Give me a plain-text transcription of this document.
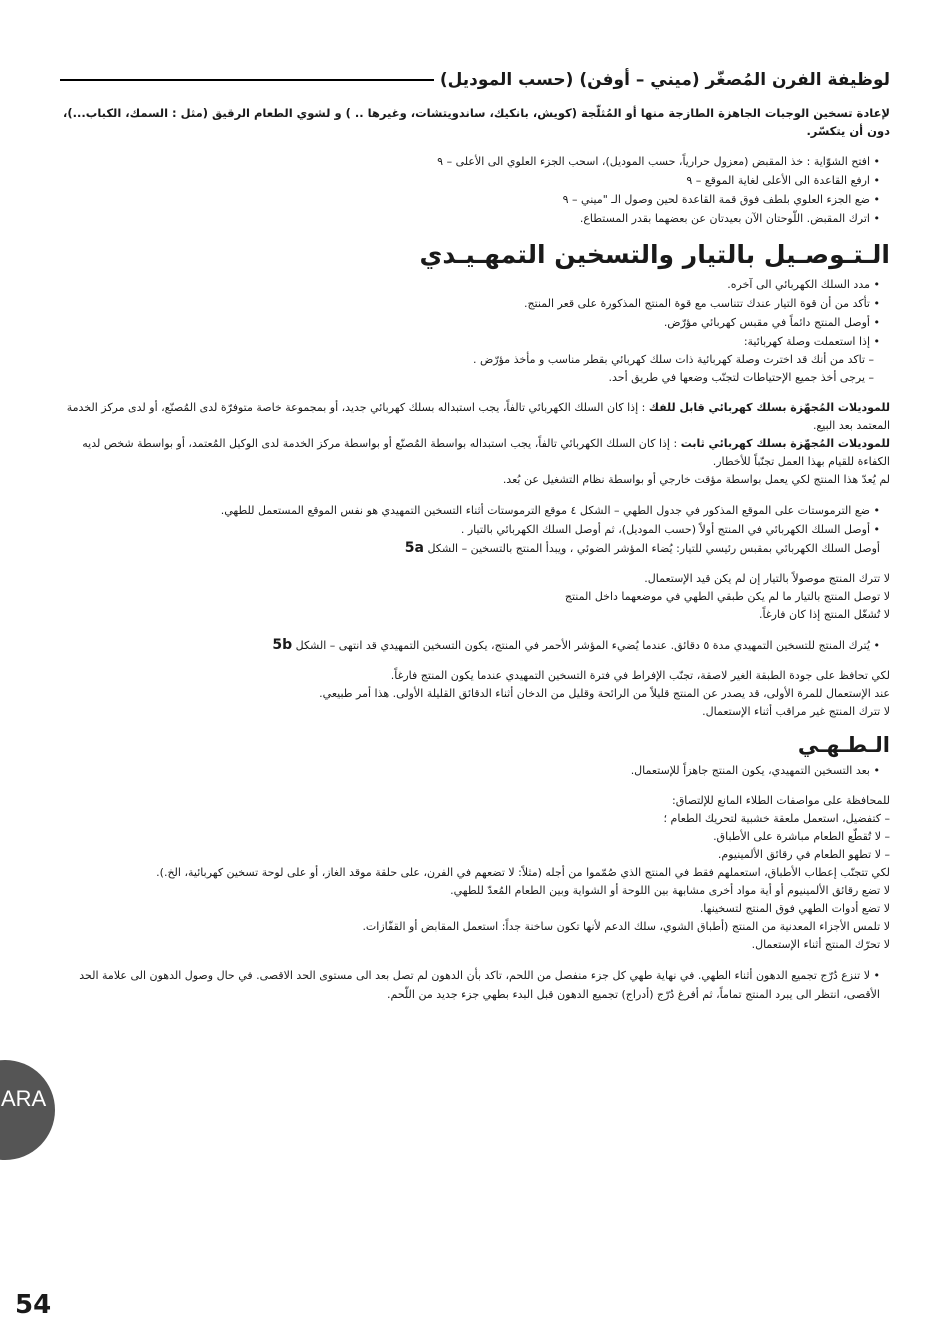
لوظيفة الفرن المُصغّر (ميني – أوفن) (حسب الموديل)

لإعادة تسخين الوجبات الجاهزة الطازجة منها أو المُثلّجة (كويش، بانكيك، ساندويتشات، وغيرها .. ) و لشوي الطعام الرقيق (مثل : السمك، الكباب...)، دون أن يتكسّر.

• افتح الشوّاية : خذ المقبض (معزول حرارياً، حسب الموديل)، اسحب الجزء العلوي الى الأعلى – ٩
• ارفع القاعدة الى الأعلى لغاية الموقع – ٩
• ضع الجزء العلوي بلطف فوق قمة القاعدة لحين وصول الـ "ميني – ٩
• اترك المقبض. اللّوحتان الآن بعيدتان عن بعضهما بقدر المستطاع.
الـتـوصـيل بالتيار والتسخين التمهـيـدي
• مدد السلك الكهربائي الى آخره.
• تأكد من أن قوة التيار عندك تتناسب مع قوة المنتج المذكورة على قعر المنتج.
• أوصل المنتج دائماً في مقبس كهربائي مؤرّض.
• إذا استعملت وصلة كهربائية:

– تاكد من أنك قد اخترت وصلة كهربائية ذات سلك كهربائي بقطر مناسب و مأخذ مؤرّض .

– يرجى أخذ جميع الإحتياطات لتجنّب وضعها في طريق أحد.

للموديلات المُجهّزة بسلك كهربائي قابل للفك : إذا كان السلك الكهربائي تالفاً، يجب استبداله بسلك كهربائي جديد، أو بمجموعة خاصة متوفرّة لدى المُصنّع، أو لدى مركز الخدمة المعتمد بعد البيع.

للموديلات المُجهّزة بسلك كهربائي ثابت : إذا كان السلك الكهربائي تالفاً، يجب استبداله بواسطة المُصنّع أو بواسطة مركز الخدمة لدى الوكيل المُعتمد، أو بواسطة شخص لديه الكفاءة للقيام بهذا العمل تجنّباً للأخطار.

لم يُعدّ هذا المنتج لكي يعمل بواسطة مؤقت خارجي أو بواسطة نظام التشغيل عن بُعد.

• ضع الترموستات على الموقع المذكور في جدول الطهي – الشكل ٤ موقع الترموستات أثناء التسخين التمهيدي هو نفس الموقع المستعمل للطهي.
• أوصل السلك الكهربائي في المنتج أولاً (حسب الموديل)، ثم أوصل السلك الكهربائي بالتيار .

أوصل السلك الكهربائي بمقبس رئيسي للتيار: يُضاء المؤشر الضوئي ، ويبدأ المنتج بالتسخين – الشكل 5a

لا تترك المنتج موصولاً بالتيار إن لم يكن قيد الإستعمال.

لا توصل المنتج بالتيار ما لم يكن طبقي الطهي في موضعهما داخل المنتج

لا تُشغّل المنتج إذا كان فارغاً.

• يُترك المنتج للتسخين التمهيدي مدة ٥ دقائق. عندما يُضيء المؤشر الأحمر في المنتج، يكون التسخين التمهيدي قد انتهى – الشكل 5b

لكي تحافظ على جودة الطبقة الغير لاصقة، تجنّب الإفراط في فترة التسخين التمهيدي عندما يكون المنتج فارغاً.

عند الإستعمال للمرة الأولى، قد يصدر عن المنتج قليلاً من الرائحة وقليل من الدخان أثناء الدقائق القليلة الأولى. هذا أمر طبيعي.

لا تترك المنتج غير مراقب أثناء الإستعمال.

الـطـهـي
• بعد التسخين التمهيدي، يكون المنتج جاهزاً للإستعمال.

للمحافظة على مواصفات الطلاء المانع للإلتصاق:

– كتفضيل، استعمل ملعقة خشبية لتحريك الطعام ؛

– لا تُقطّع الطعام مباشرة على الأطباق.

– لا تطهو الطعام في رقائق الألمينيوم.

لكي تتجنّب إعطاب الأطباق، استعملهم فقط في المنتج الذي صُمّموا من أجله (مثلاً: لا تضعهم في الفرن، على حلقة موقد الغاز، أو على لوحة تسخين كهربائية، الخ.).

لا تضع رقائق الألمينيوم أو أية مواد أخرى مشابهة بين اللوحة أو الشواية وبين الطعام المُعدّ للطهي.

لا تضع أدوات الطهي فوق المنتج لتسخينها.

لا تلمس الأجزاء المعدنية من المنتج (أطباق الشوي، سلك الدعم لأنها تكون ساخنة جداً: استعمل المقابض أو القفّازات.

لا تحرّك المنتج أثناء الإستعمال.

• لا تنزع دُرّج تجميع الدهون أثناء الطهي. في نهاية طهي كل جزء منفصل من اللحم، تاكد بأن الدهون لم تصل بعد الى مستوى الحد الاقصى. في حال وصول الدهون الى علامة الحد الأقصى، انتظر الى يبرد المنتج تماماً، ثم أفرغ دُرّج (أدراج) تجميع الدهون قبل البدء بطهي جزء جديد من اللّحم.
ARA
54
